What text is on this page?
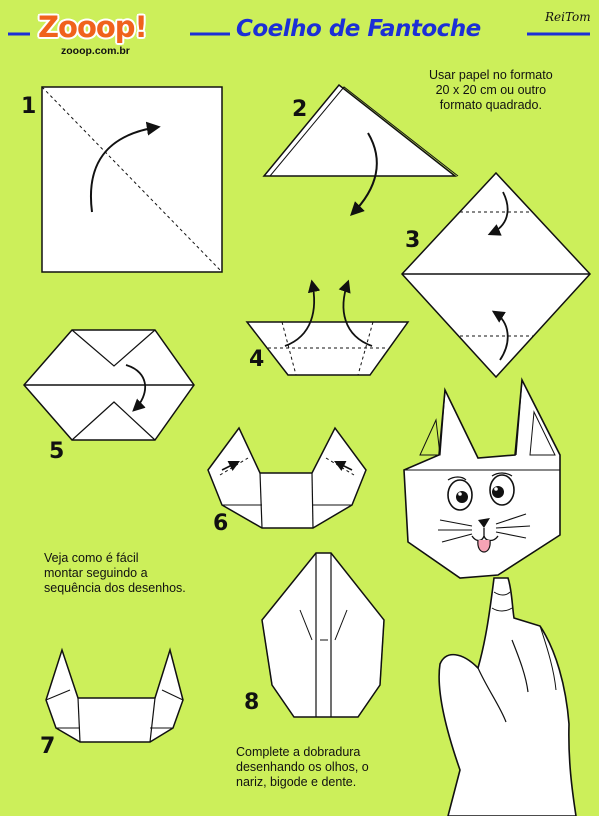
Zooop!
zooop.com.br
Coelho de Fantoche	ReiTom
Usar papel no formato
20 x 20 cm ou outro
formato quadrado.
Veja como é fácil
montar seguindo a
sequência dos desenhos.
Complete a dobradura
desenhando os olhos, o
nariz, bigode e dente.
1	2
3
4
5
6
7
8
